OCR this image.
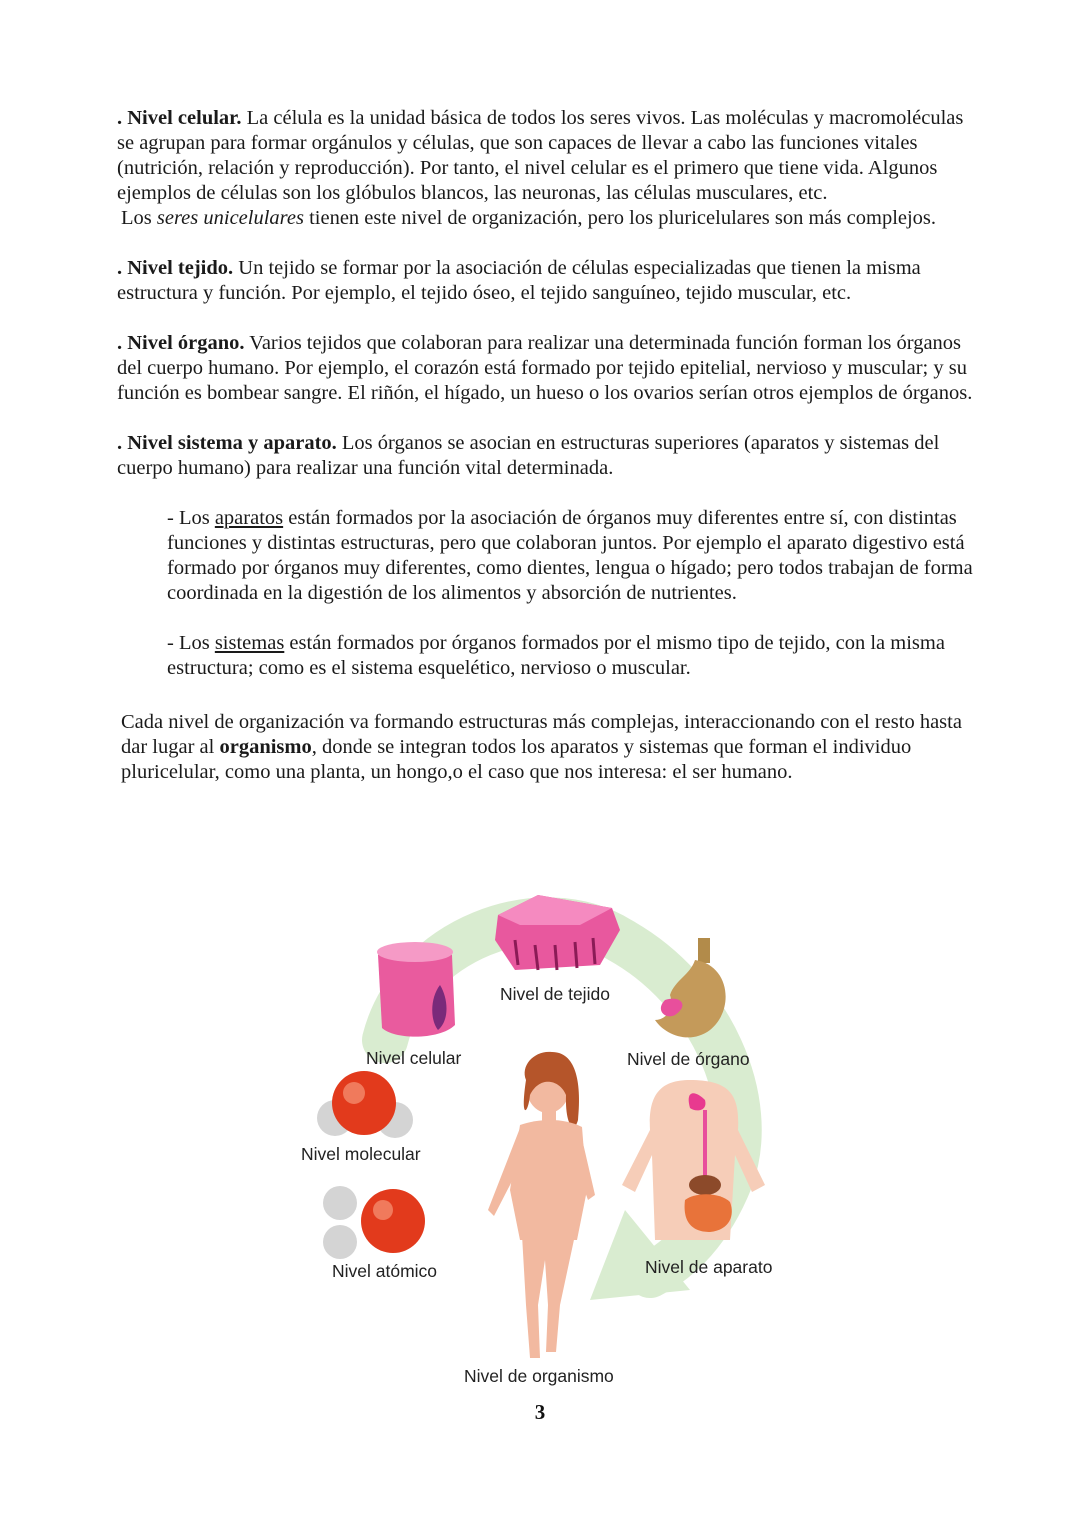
. Nivel celular. La célula es la unidad básica de todos los seres vivos. Las moléculas y macromoléculas se agrupan para formar orgánulos y células, que son capaces de llevar a cabo las funciones vitales (nutrición, relación y reproducción). Por tanto, el nivel celular es el primero que tiene vida. Algunos ejemplos de células son los glóbulos blancos, las neuronas, las células musculares, etc.

Los seres unicelulares tienen este nivel de organización, pero los pluricelulares son más complejos.

. Nivel tejido. Un tejido se formar por la asociación de células especializadas que tienen la misma estructura y función. Por ejemplo, el tejido óseo, el tejido sanguíneo, tejido muscular, etc.

. Nivel órgano. Varios tejidos que colaboran para realizar una determinada función forman los órganos del cuerpo humano. Por ejemplo, el corazón está formado por tejido epitelial, nervioso y muscular; y su función es bombear sangre. El riñón, el hígado, un hueso o los ovarios serían otros ejemplos de órganos.

. Nivel sistema y aparato. Los órganos se asocian en estructuras superiores (aparatos y sistemas del cuerpo humano) para realizar una función vital determinada.

- Los aparatos están formados por la asociación de órganos muy diferentes entre sí, con distintas funciones y distintas estructuras, pero que colaboran juntos. Por ejemplo el aparato digestivo está formado por órganos muy diferentes, como dientes, lengua o hígado; pero todos trabajan de forma coordinada en la digestión de los alimentos y absorción de nutrientes.

- Los sistemas están formados por órganos formados por el mismo tipo de tejido, con la misma estructura; como es el sistema esquelético, nervioso o muscular.

Cada nivel de organización va formando estructuras más complejas, interaccionando con el resto hasta dar lugar al organismo, donde se integran todos los aparatos y sistemas que forman el individuo pluricelular, como una planta, un hongo,o el caso que nos interesa: el ser humano.

Nivel de tejido
Nivel celular	Nivel de órgano
Nivel molecular
Nivel atómico	Nivel de aparato
Nivel de organismo
3
